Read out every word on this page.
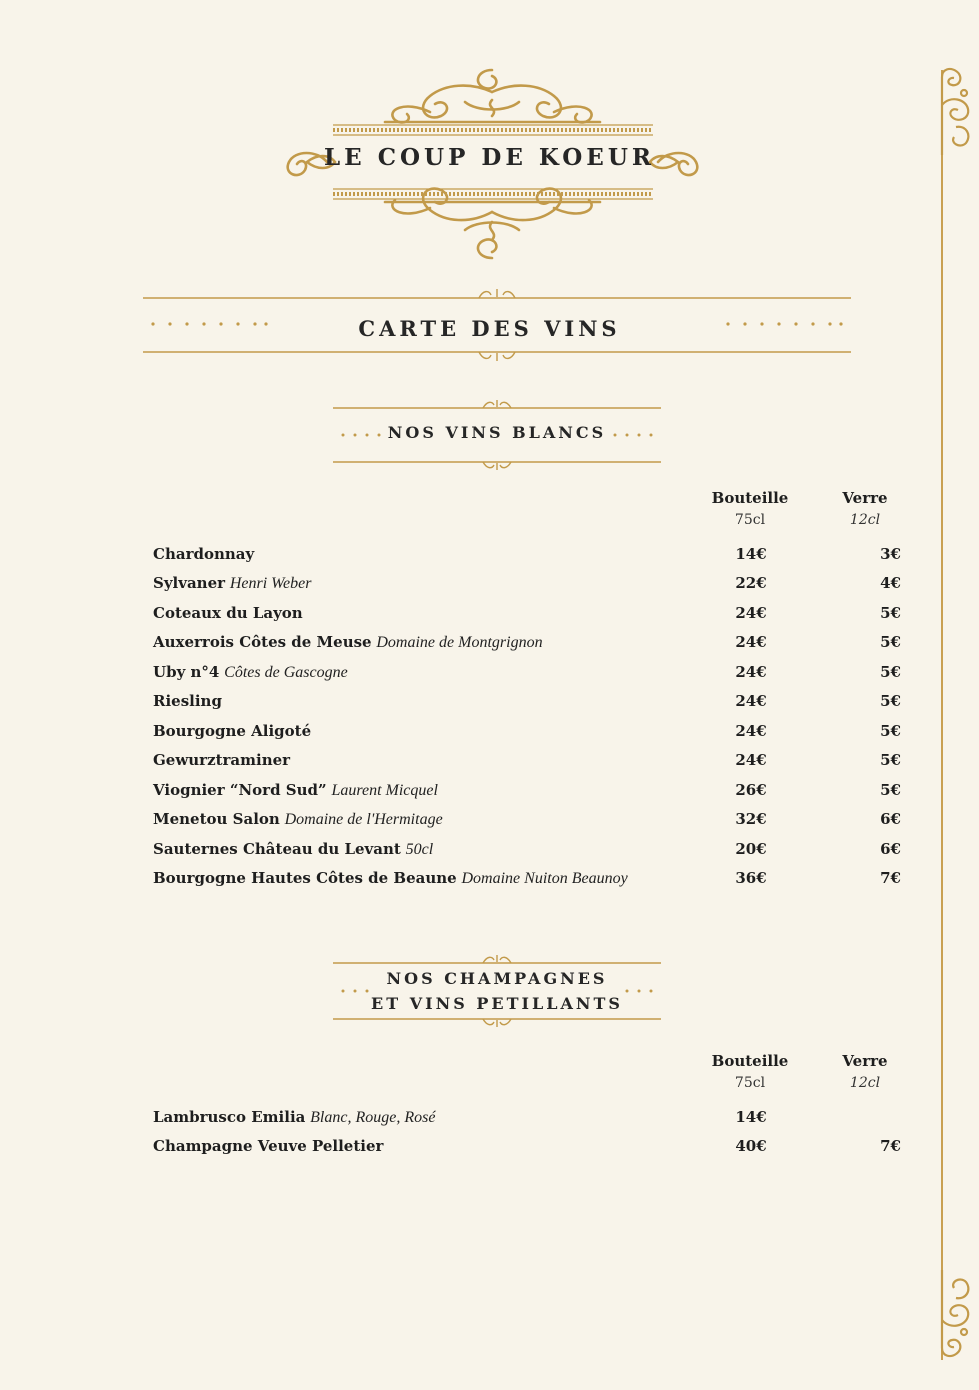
LE COUP DE KOEUR
CARTE DES VINS
NOS VINS BLANCS
Bouteille
75cl
Verre
12cl
Chardonnay	14€	3€
Sylvaner Henri Weber	22€	4€
Coteaux du Layon	24€	5€
Auxerrois Côtes de Meuse Domaine de Montgrignon	24€	5€
Uby n°4 Côtes de Gascogne	24€	5€
Riesling	24€	5€
Bourgogne Aligoté	24€	5€
Gewurztraminer	24€	5€
Viognier “Nord Sud” Laurent Micquel	26€	5€
Menetou Salon Domaine de l'Hermitage	32€	6€
Sauternes Château du Levant 50cl	20€	6€
Bourgogne Hautes Côtes de Beaune Domaine Nuiton Beaunoy	36€	7€
NOS CHAMPAGNES
ET VINS PETILLANTS
Bouteille
75cl
Verre
12cl
Lambrusco Emilia Blanc, Rouge, Rosé	14€
Champagne Veuve Pelletier	40€	7€
